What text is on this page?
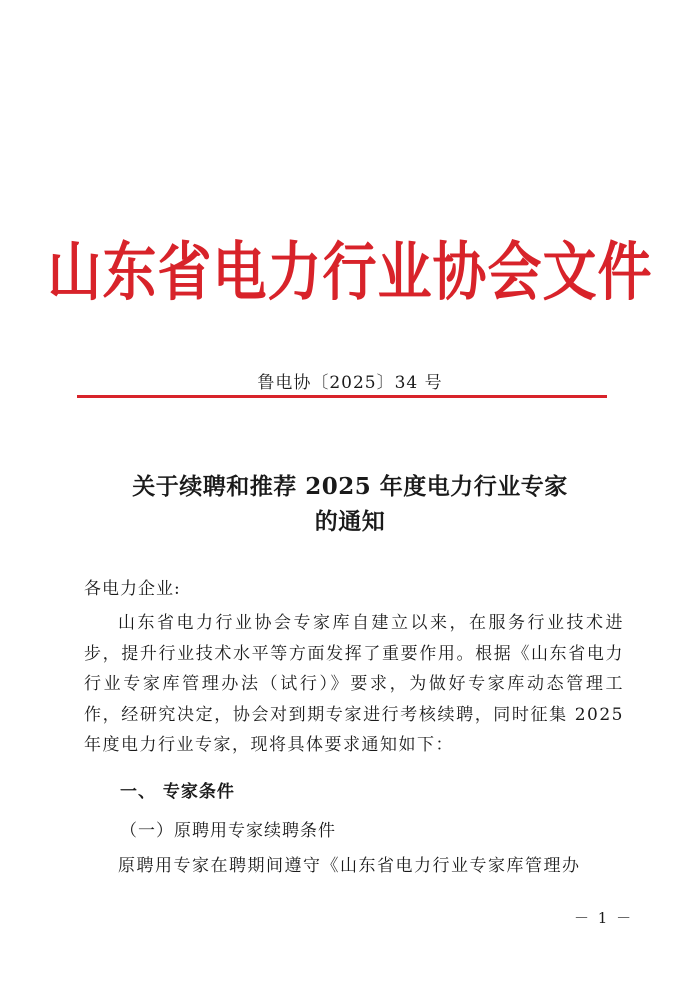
山东省电力行业协会文件
鲁电协〔2025〕34 号
关于续聘和推荐 2025 年度电力行业专家
的通知
各电力企业:

山东省电力行业协会专家库自建立以来，在服务行业技术进步，提升行业技术水平等方面发挥了重要作用。根据《山东省电力行业专家库管理办法（试行）》要求，为做好专家库动态管理工作，经研究决定，协会对到期专家进行考核续聘，同时征集 2025 年度电力行业专家，现将具体要求通知如下：

一、 专家条件
（一）原聘用专家续聘条件
原聘用专家在聘期间遵守《山东省电力行业专家库管理办
－ 1 －
